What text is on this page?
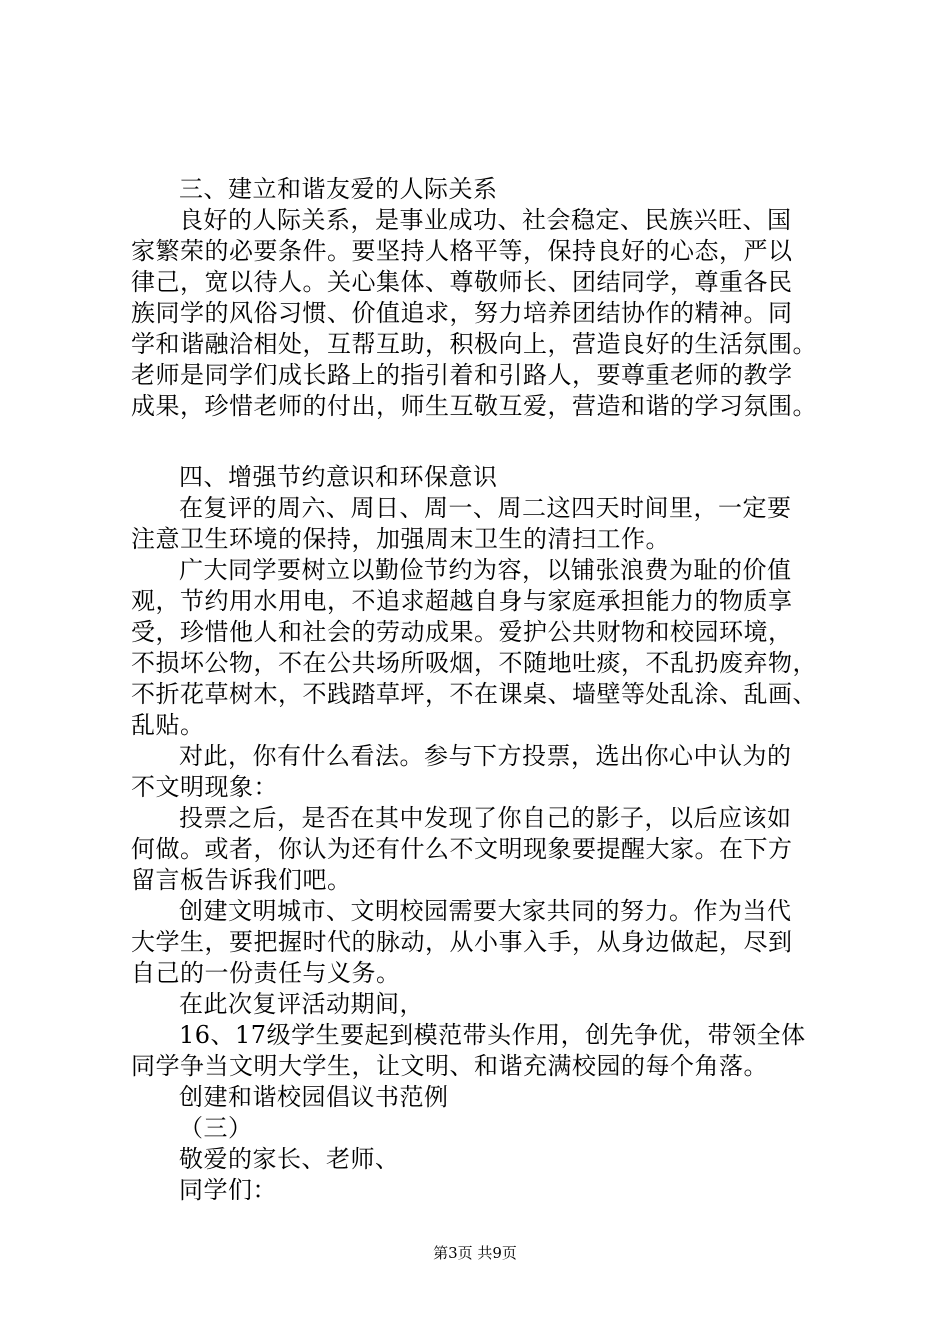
三、建立和谐友爱的人际关系
良好的人际关系，是事业成功、社会稳定、民族兴旺、国
家繁荣的必要条件。要坚持人格平等，保持良好的心态，严以
律己，宽以待人。关心集体、尊敬师长、团结同学，尊重各民
族同学的风俗习惯、价值追求，努力培养团结协作的精神。同
学和谐融洽相处，互帮互助，积极向上，营造良好的生活氛围。
老师是同学们成长路上的指引着和引路人，要尊重老师的教学
成果，珍惜老师的付出，师生互敬互爱，营造和谐的学习氛围。
四、增强节约意识和环保意识
在复评的周六、周日、周一、周二这四天时间里，一定要
注意卫生环境的保持，加强周末卫生的清扫工作。
广大同学要树立以勤俭节约为容，以铺张浪费为耻的价值
观，节约用水用电，不追求超越自身与家庭承担能力的物质享
受，珍惜他人和社会的劳动成果。爱护公共财物和校园环境，
不损坏公物，不在公共场所吸烟，不随地吐痰，不乱扔废弃物，
不折花草树木，不践踏草坪，不在课桌、墙壁等处乱涂、乱画、
乱贴。
对此，你有什么看法。参与下方投票，选出你心中认为的
不文明现象：
投票之后，是否在其中发现了你自己的影子，以后应该如
何做。或者，你认为还有什么不文明现象要提醒大家。在下方
留言板告诉我们吧。
创建文明城市、文明校园需要大家共同的努力。作为当代
大学生，要把握时代的脉动，从小事入手，从身边做起，尽到
自己的一份责任与义务。
在此次复评活动期间，
16、17级学生要起到模范带头作用，创先争优，带领全体
同学争当文明大学生，让文明、和谐充满校园的每个角落。
创建和谐校园倡议书范例
（三）
敬爱的家长、老师、
同学们：
第3页 共9页
